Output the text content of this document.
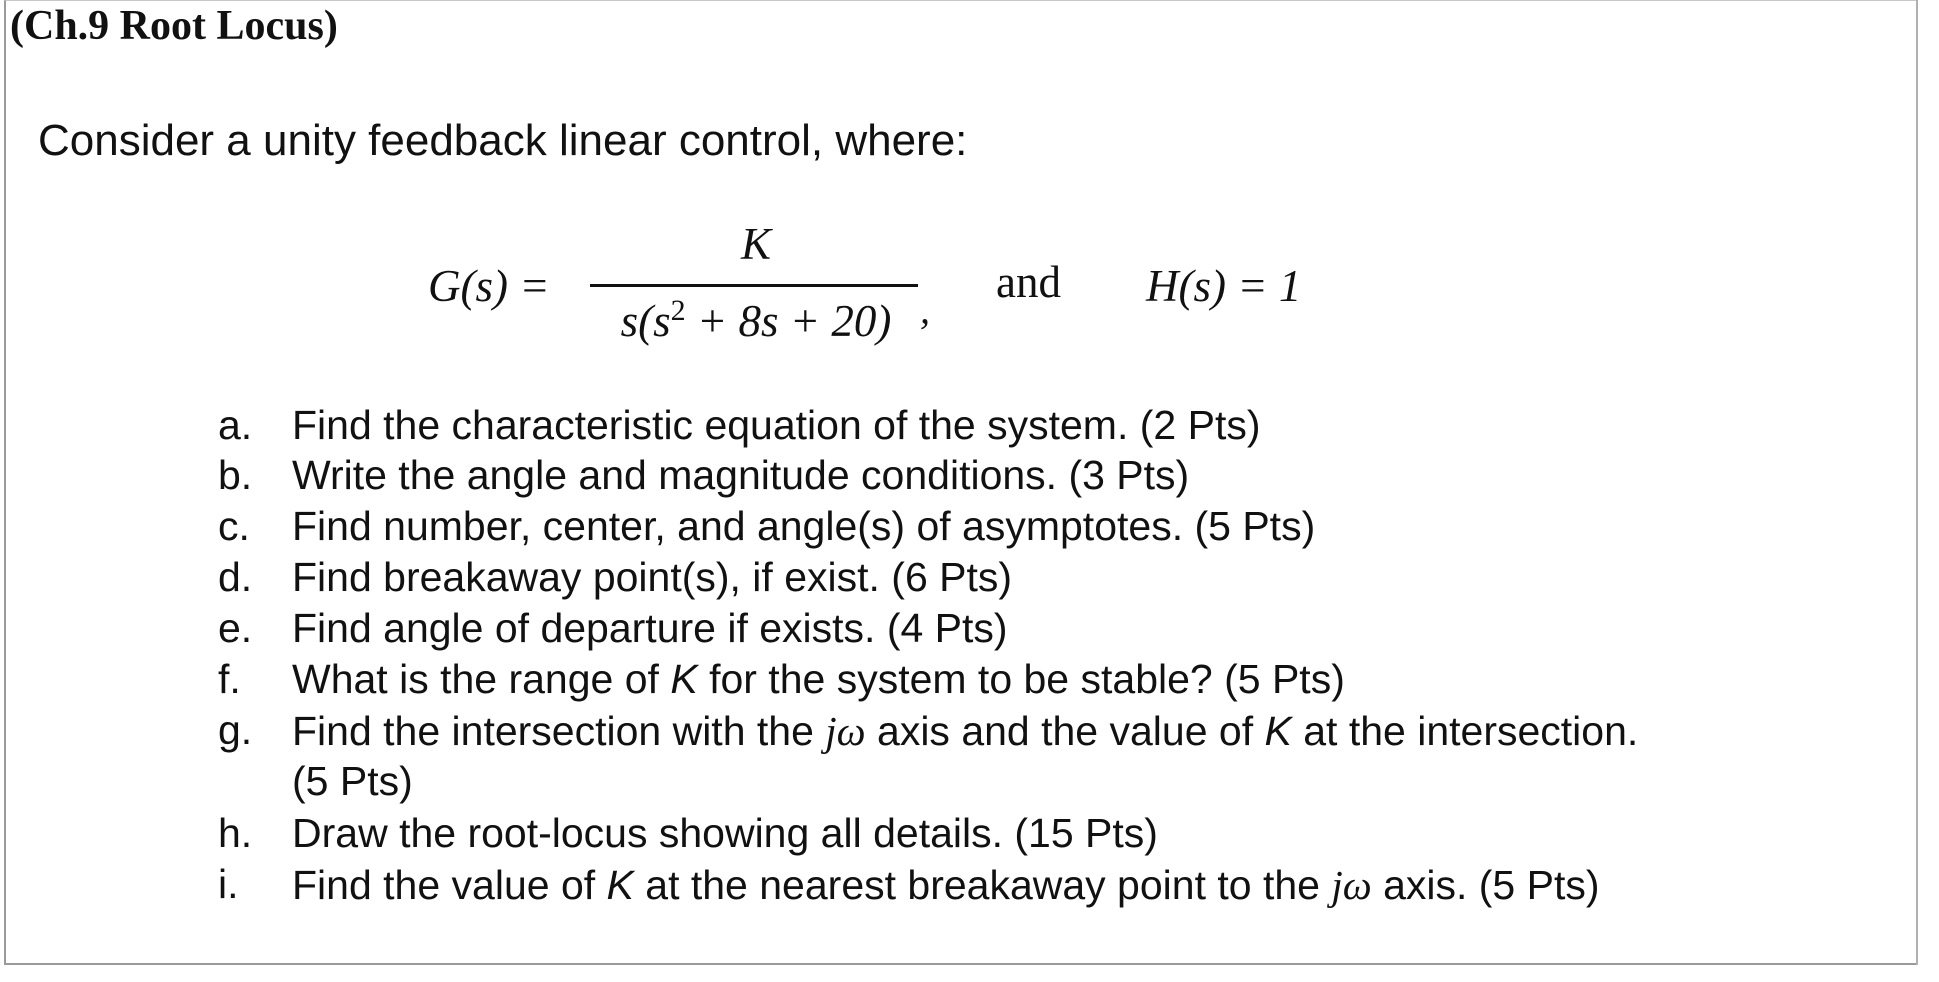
(Ch.9 Root Locus)
Consider a unity feedback linear control, where:
G(s) =
K
$s(s^2 + 8s + 20)$ ,
and H(s) = 1
a. Find the characteristic equation of the system. (2 Pts)
b. Write the angle and magnitude conditions. (3 Pts)
c. Find number, center, and angle(s) of asymptotes. (5 Pts)
d. Find breakaway point(s), if exist. (6 Pts)
e. Find angle of departure if exists. (4 Pts)
f. What is the range of K for the system to be stable? (5 Pts)
g. Find the intersection with the jω axis and the value of K at the intersection.
(5 Pts)
h. Draw the root-locus showing all details. (15 Pts)
i. Find the value of K at the nearest breakaway point to the jω axis. (5 Pts)
